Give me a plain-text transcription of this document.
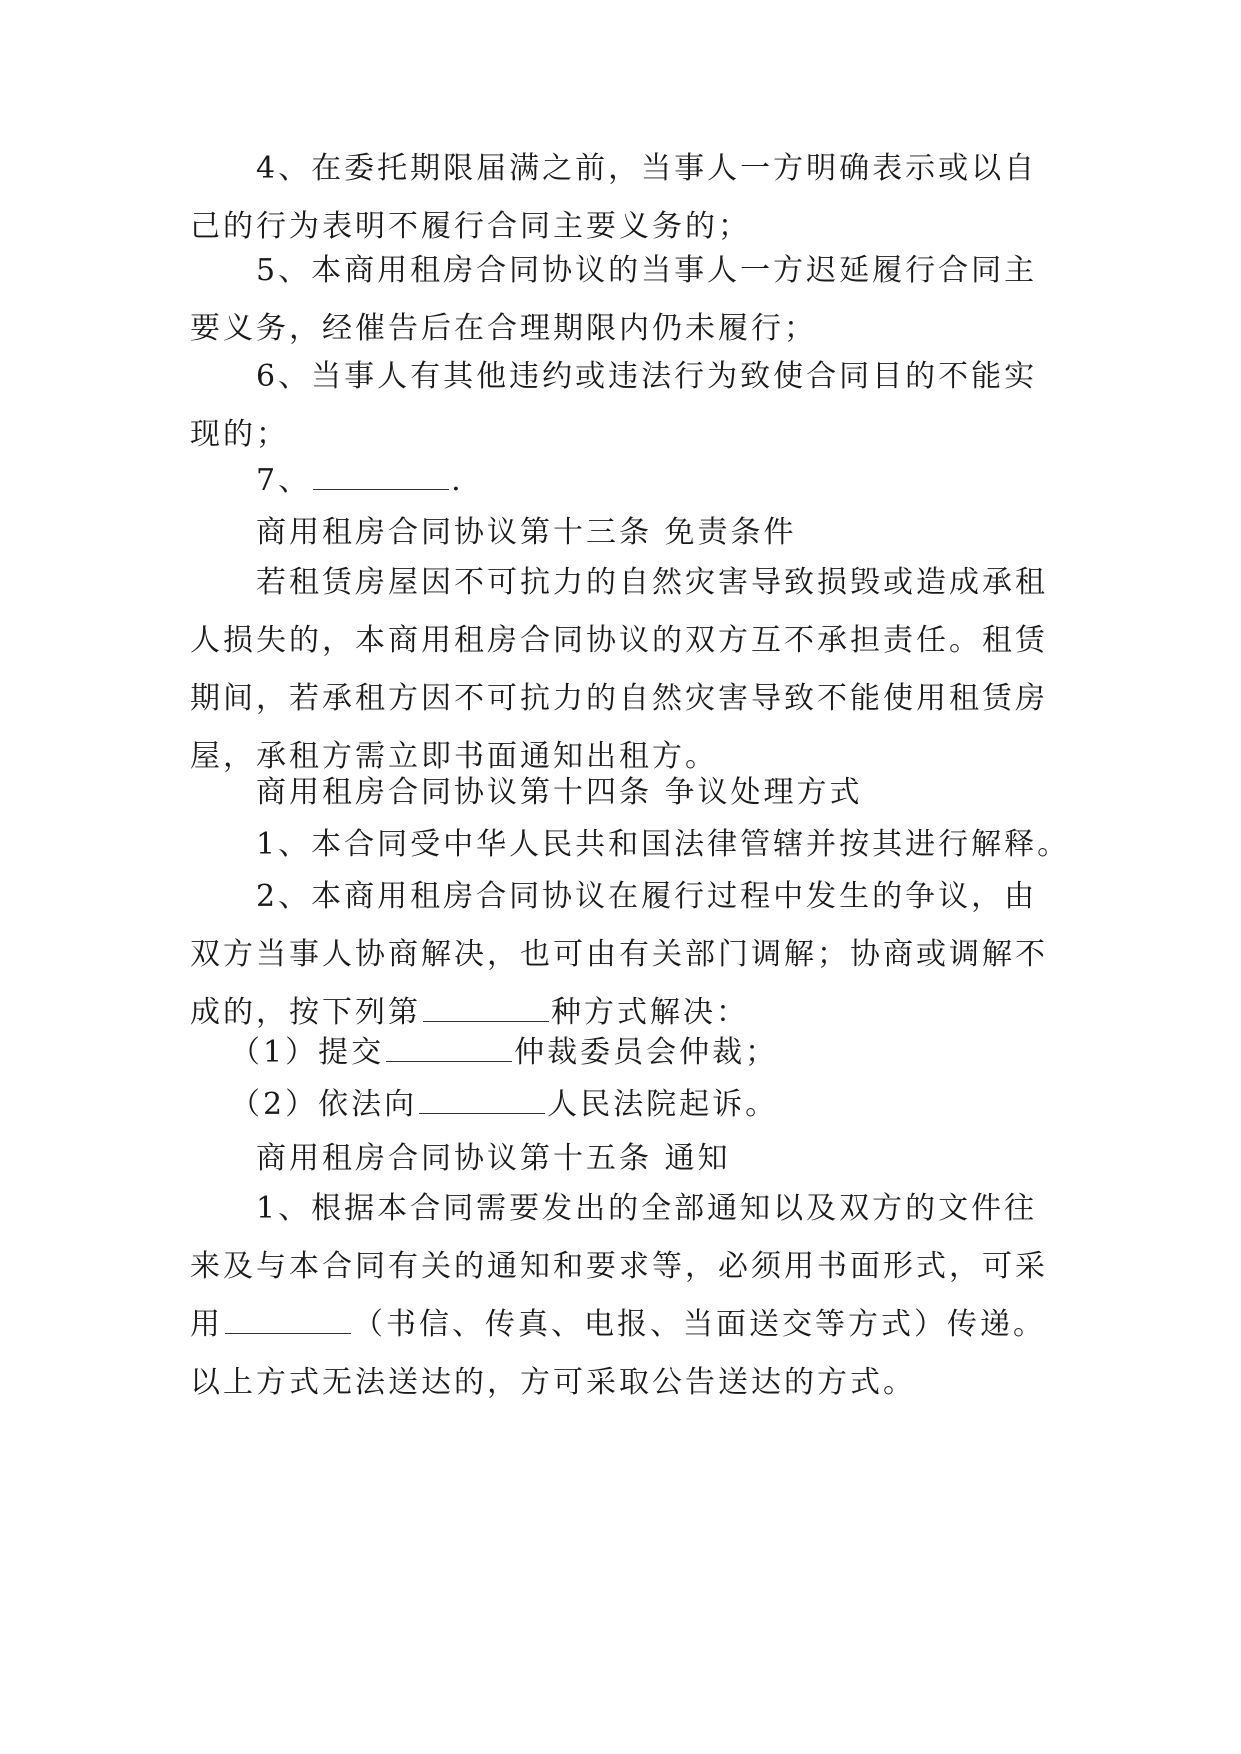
4、在委托期限届满之前，当事人一方明确表示或以自己的行为表明不履行合同主要义务的；

5、本商用租房合同协议的当事人一方迟延履行合同主要义务，经催告后在合理期限内仍未履行；

6、当事人有其他违约或违法行为致使合同目的不能实现的；

7、	.

商用租房合同协议第十三条 免责条件

若租赁房屋因不可抗力的自然灾害导致损毁或造成承租人损失的，本商用租房合同协议的双方互不承担责任。租赁期间，若承租方因不可抗力的自然灾害导致不能使用租赁房屋，承租方需立即书面通知出租方。

商用租房合同协议第十四条 争议处理方式

1、本合同受中华人民共和国法律管辖并按其进行解释。

2、本商用租房合同协议在履行过程中发生的争议，由双方当事人协商解决，也可由有关部门调解；协商或调解不成的，按下列第	种方式解决：

（1）提交	仲裁委员会仲裁；

（2）依法向	人民法院起诉。

商用租房合同协议第十五条 通知

1、根据本合同需要发出的全部通知以及双方的文件往来及与本合同有关的通知和要求等，必须用书面形式，可采用	（书信、传真、电报、当面送交等方式）传递。以上方式无法送达的，方可采取公告送达的方式。
